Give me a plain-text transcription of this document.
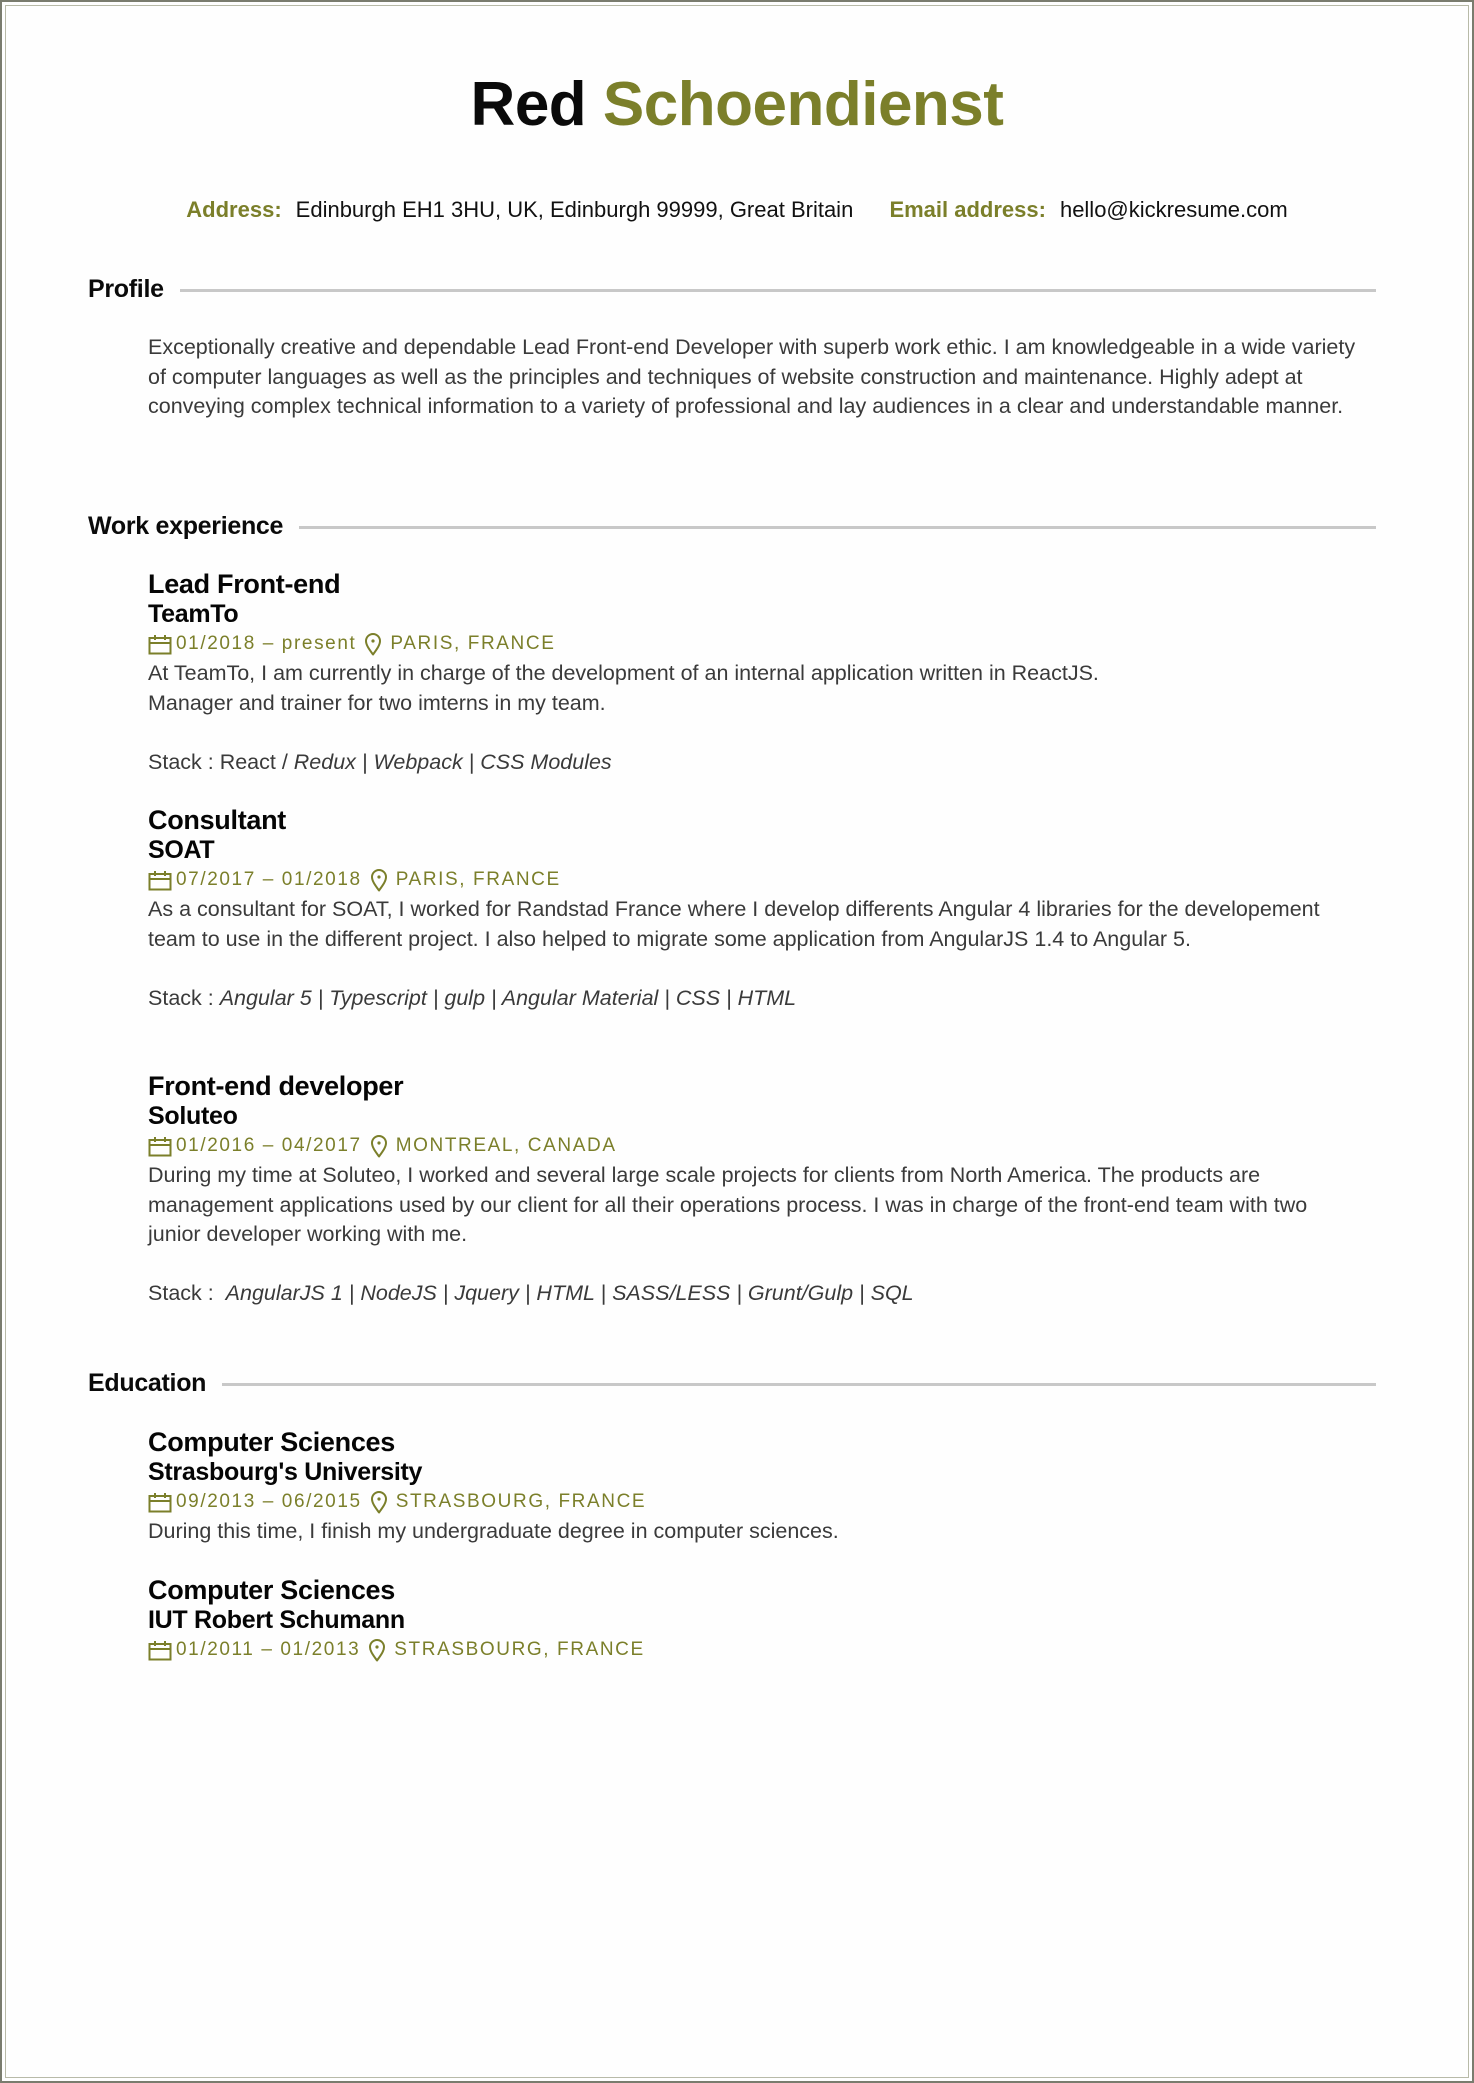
Red Schoendienst
Address: Edinburgh EH1 3HU, UK, Edinburgh 99999, Great Britain Email address: hello@kickresume.com
Profile
Exceptionally creative and dependable Lead Front-end Developer with superb work ethic. I am knowledgeable in a wide variety of computer languages as well as the principles and techniques of website construction and maintenance. Highly adept at conveying complex technical information to a variety of professional and lay audiences in a clear and understandable manner.
Work experience
Lead Front-end
TeamTo
01/2018 – present PARIS, FRANCE
At TeamTo, I am currently in charge of the development of an internal application written in ReactJS.
Manager and trainer for two imterns in my team.
Stack : React / Redux | Webpack | CSS Modules
Consultant
SOAT
07/2017 – 01/2018 PARIS, FRANCE
As a consultant for SOAT, I worked for Randstad France where I develop differents Angular 4 libraries for the developement team to use in the different project. I also helped to migrate some application from AngularJS 1.4 to Angular 5.
Stack : Angular 5 | Typescript | gulp | Angular Material | CSS | HTML
Front-end developer
Soluteo
01/2016 – 04/2017 MONTREAL, CANADA
During my time at Soluteo, I worked and several large scale projects for clients from North America. The products are management applications used by our client for all their operations process. I was in charge of the front-end team with two junior developer working with me.
Stack :  AngularJS 1 | NodeJS | Jquery | HTML | SASS/LESS | Grunt/Gulp | SQL
Education
Computer Sciences
Strasbourg's University
09/2013 – 06/2015 STRASBOURG, FRANCE
During this time, I finish my undergraduate degree in computer sciences.
Computer Sciences
IUT Robert Schumann
01/2011 – 01/2013 STRASBOURG, FRANCE
